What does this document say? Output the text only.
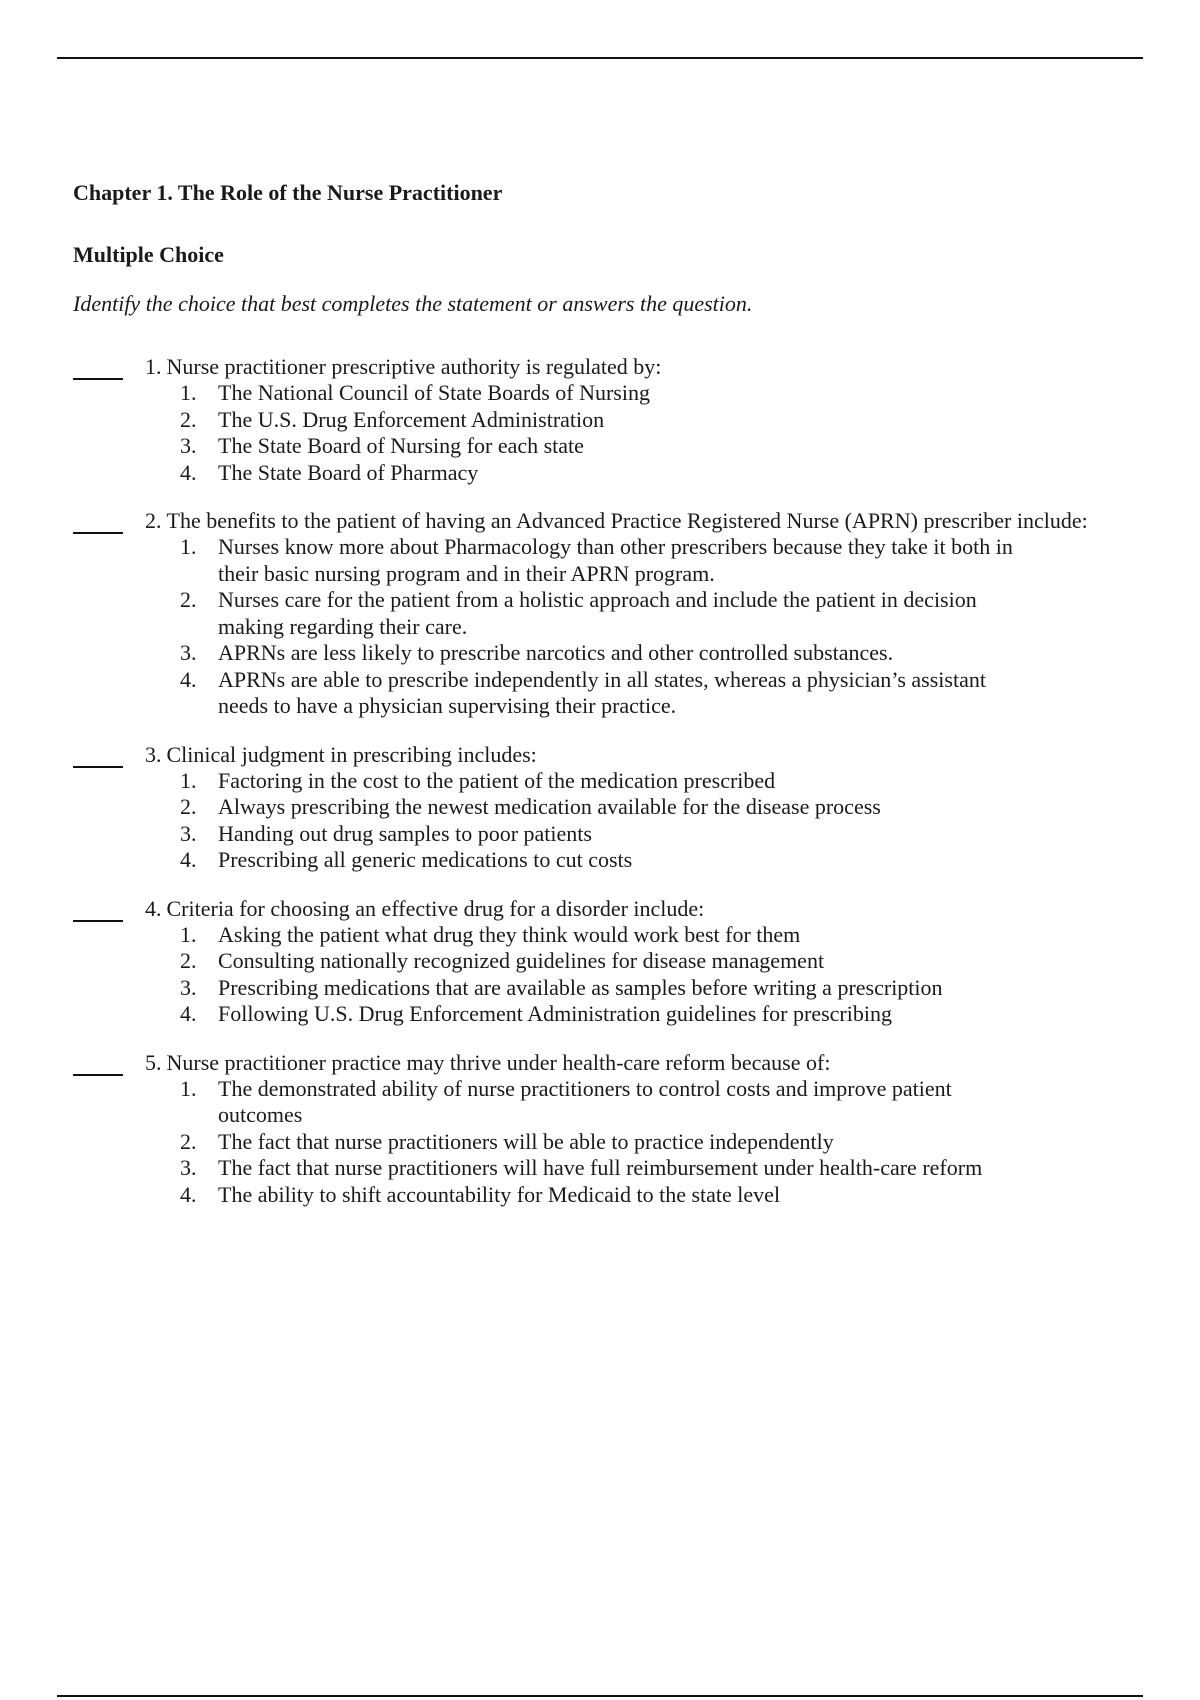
Chapter 1. The Role of the Nurse Practitioner

Multiple Choice

Identify the choice that best completes the statement or answers the question.

1. Nurse practitioner prescriptive authority is regulated by:
1. The National Council of State Boards of Nursing
2. The U.S. Drug Enforcement Administration
3. The State Board of Nursing for each state
4. The State Board of Pharmacy
2. The benefits to the patient of having an Advanced Practice Registered Nurse (APRN) prescriber include:
1. Nurses know more about Pharmacology than other prescribers because they take it both in their basic nursing program and in their APRN program.
2. Nurses care for the patient from a holistic approach and include the patient in decision making regarding their care.
3. APRNs are less likely to prescribe narcotics and other controlled substances.
4. APRNs are able to prescribe independently in all states, whereas a physician’s assistant needs to have a physician supervising their practice.
3. Clinical judgment in prescribing includes:
1. Factoring in the cost to the patient of the medication prescribed
2. Always prescribing the newest medication available for the disease process
3. Handing out drug samples to poor patients
4. Prescribing all generic medications to cut costs
4. Criteria for choosing an effective drug for a disorder include:
1. Asking the patient what drug they think would work best for them
2. Consulting nationally recognized guidelines for disease management
3. Prescribing medications that are available as samples before writing a prescription
4. Following U.S. Drug Enforcement Administration guidelines for prescribing
5. Nurse practitioner practice may thrive under health-care reform because of:
1. The demonstrated ability of nurse practitioners to control costs and improve patient outcomes
2. The fact that nurse practitioners will be able to practice independently
3. The fact that nurse practitioners will have full reimbursement under health-care reform
4. The ability to shift accountability for Medicaid to the state level
